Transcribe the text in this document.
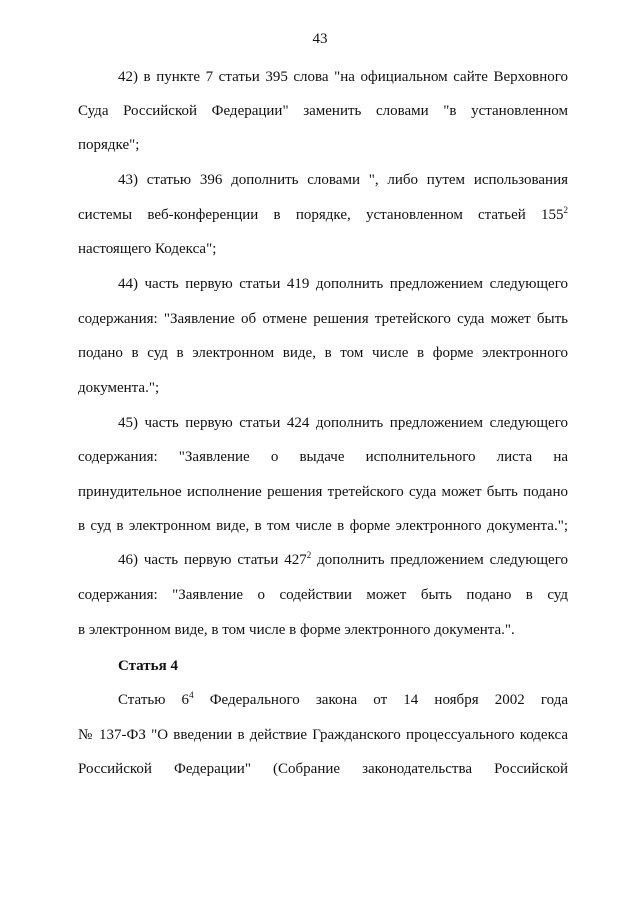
43
42) в пункте 7 статьи 395 слова "на официальном сайте Верховного
Суда Российской Федерации" заменить словами "в установленном
порядке";
43) статью 396 дополнить словами ", либо путем использования
системы веб-конференции в порядке, установленном статьей $155^2$
настоящего Кодекса";
44) часть первую статьи 419 дополнить предложением следующего
содержания: "Заявление об отмене решения третейского суда может быть
подано в суд в электронном виде, в том числе в форме электронного
документа.";
45) часть первую статьи 424 дополнить предложением следующего
содержания: "Заявление о выдаче исполнительного листа на
принудительное исполнение решения третейского суда может быть подано
в суд в электронном виде, в том числе в форме электронного документа.";
46) часть первую статьи $427^2$ дополнить предложением следующего
содержания: "Заявление о содействии может быть подано в суд
в электронном виде, в том числе в форме электронного документа.".
Статья 4
Статью $6^4$ Федерального закона от 14 ноября 2002 года
№ 137-ФЗ "О введении в действие Гражданского процессуального кодекса
Российской Федерации" (Собрание законодательства Российской
